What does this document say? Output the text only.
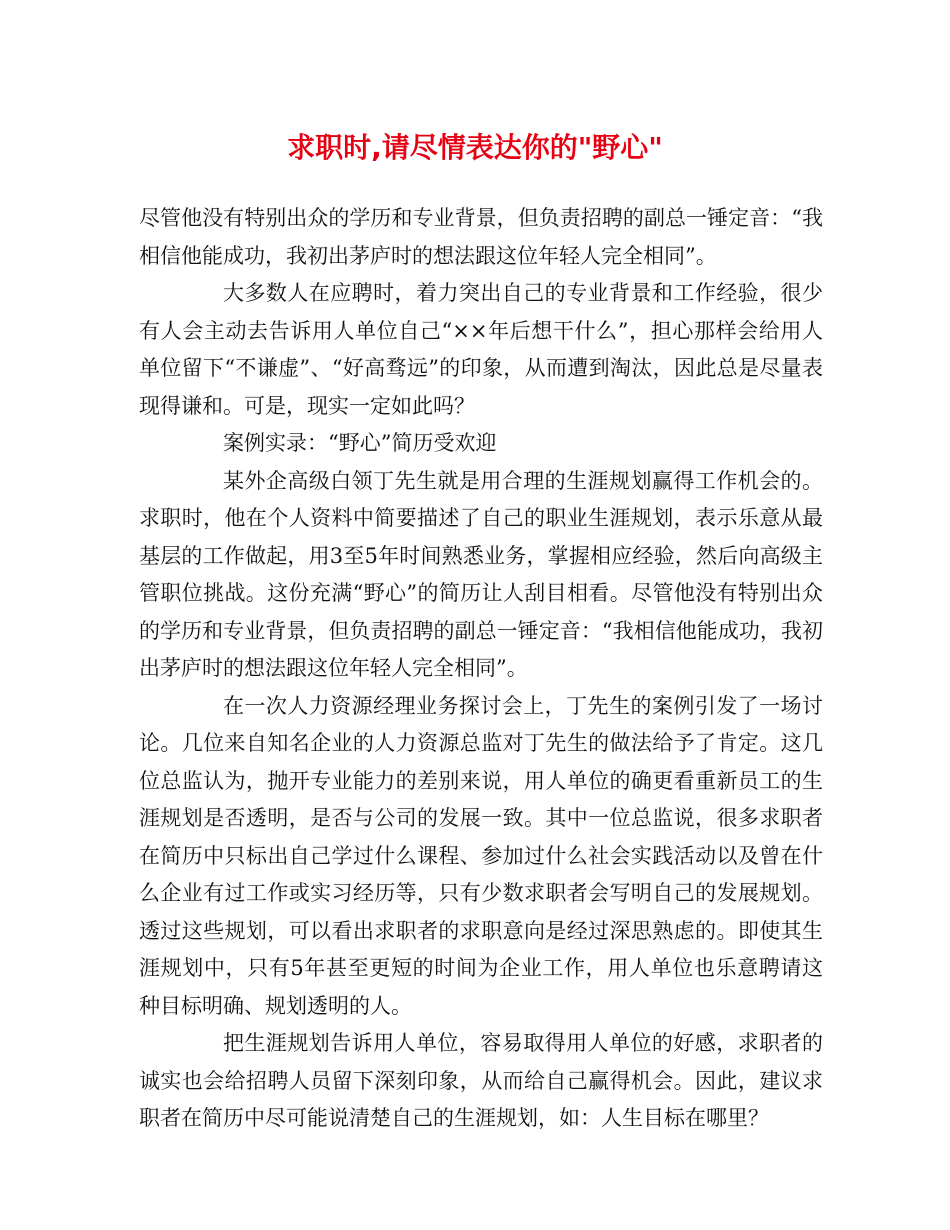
求职时,请尽情表达你的"野心"

尽管他没有特别出众的学历和专业背景，但负责招聘的副总一锤定音：“我相信他能成功，我初出茅庐时的想法跟这位年轻人完全相同”。

大多数人在应聘时，着力突出自己的专业背景和工作经验，很少有人会主动去告诉用人单位自己“××年后想干什么”，担心那样会给用人单位留下“不谦虚”、“好高骛远”的印象，从而遭到淘汰，因此总是尽量表现得谦和。可是，现实一定如此吗？

案例实录：“野心”简历受欢迎

某外企高级白领丁先生就是用合理的生涯规划赢得工作机会的。求职时，他在个人资料中简要描述了自己的职业生涯规划，表示乐意从最基层的工作做起，用3至5年时间熟悉业务，掌握相应经验，然后向高级主管职位挑战。这份充满“野心”的简历让人刮目相看。尽管他没有特别出众的学历和专业背景，但负责招聘的副总一锤定音：“我相信他能成功，我初出茅庐时的想法跟这位年轻人完全相同”。

在一次人力资源经理业务探讨会上，丁先生的案例引发了一场讨论。几位来自知名企业的人力资源总监对丁先生的做法给予了肯定。这几位总监认为，抛开专业能力的差别来说，用人单位的确更看重新员工的生涯规划是否透明，是否与公司的发展一致。其中一位总监说，很多求职者在简历中只标出自己学过什么课程、参加过什么社会实践活动以及曾在什么企业有过工作或实习经历等，只有少数求职者会写明自己的发展规划。透过这些规划，可以看出求职者的求职意向是经过深思熟虑的。即使其生涯规划中，只有5年甚至更短的时间为企业工作，用人单位也乐意聘请这种目标明确、规划透明的人。

把生涯规划告诉用人单位，容易取得用人单位的好感，求职者的诚实也会给招聘人员留下深刻印象，从而给自己赢得机会。因此，建议求职者在简历中尽可能说清楚自己的生涯规划，如：人生目标在哪里？
